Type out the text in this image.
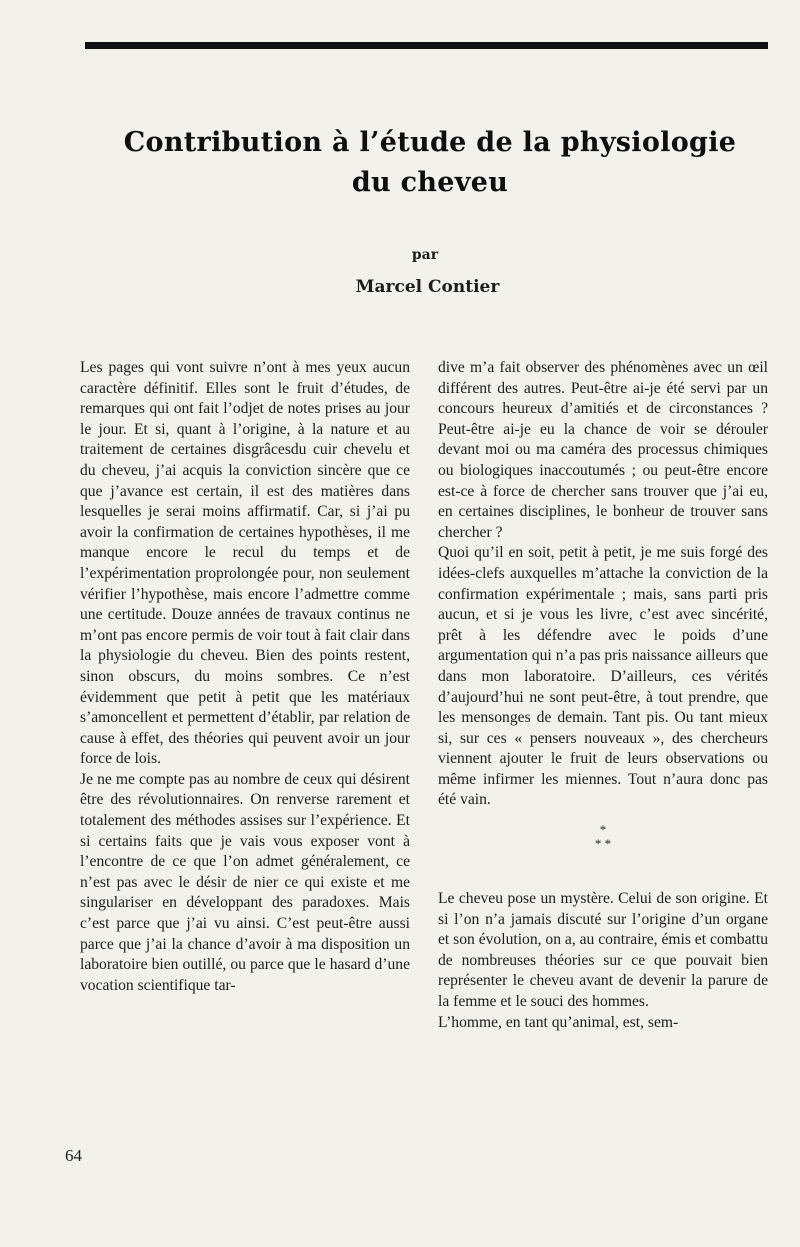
Contribution à l’étude de la physiologie
du cheveu
par
Marcel Contier

Les pages qui vont suivre n’ont à mes yeux aucun caractère définitif. Elles sont le fruit d’études, de remarques qui ont fait l’odjet de notes prises au jour le jour. Et si, quant à l’origine, à la nature et au traitement de certaines disgrâcesdu cuir chevelu et du cheveu, j’ai acquis la conviction sincère que ce que j’avance est certain, il est des matières dans lesquelles je serai moins affirmatif. Car, si j’ai pu avoir la confirmation de certaines hypothèses, il me manque encore le recul du temps et de l’expérimentation proprolongée pour, non seulement vérifier l’hypothèse, mais encore l’admettre comme une certitude. Douze années de travaux continus ne m’ont pas encore permis de voir tout à fait clair dans la physiologie du cheveu. Bien des points restent, sinon obscurs, du moins sombres. Ce n’est évidemment que petit à petit que les matériaux s’amoncellent et permettent d’établir, par relation de cause à effet, des théories qui peuvent avoir un jour force de lois.

Je ne me compte pas au nombre de ceux qui désirent être des révolutionnaires. On renverse rarement et totalement des méthodes assises sur l’expérience. Et si certains faits que je vais vous exposer vont à l’encontre de ce que l’on admet généralement, ce n’est pas avec le désir de nier ce qui existe et me singulariser en développant des paradoxes. Mais c’est parce que j’ai vu ainsi. C’est peut-être aussi parce que j’ai la chance d’avoir à ma disposition un laboratoire bien outillé, ou parce que le hasard d’une vocation scientifique tar-

dive m’a fait observer des phénomènes avec un œil différent des autres. Peut-être ai-je été servi par un concours heureux d’amitiés et de circonstances ? Peut-être ai-je eu la chance de voir se dérouler devant moi ou ma caméra des processus chimiques ou biologiques inaccoutumés ; ou peut-être encore est-ce à force de chercher sans trouver que j’ai eu, en certaines disciplines, le bonheur de trouver sans chercher ?

Quoi qu’il en soit, petit à petit, je me suis forgé des idées-clefs auxquelles m’attache la conviction de la confirmation expérimentale ; mais, sans parti pris aucun, et si je vous les livre, c’est avec sincérité, prêt à les défendre avec le poids d’une argumentation qui n’a pas pris naissance ailleurs que dans mon laboratoire. D’ailleurs, ces vérités d’aujourd’hui ne sont peut-être, à tout prendre, que les mensonges de demain. Tant pis. Ou tant mieux si, sur ces « pensers nouveaux », des chercheurs viennent ajouter le fruit de leurs observations ou même infirmer les miennes. Tout n’aura donc pas été vain.

*
* *

Le cheveu pose un mystère. Celui de son origine. Et si l’on n’a jamais discuté sur l’origine d’un organe et son évolution, on a, au contraire, émis et combattu de nombreuses théories sur ce que pouvait bien représenter le cheveu avant de devenir la parure de la femme et le souci des hommes.

L’homme, en tant qu’animal, est, sem-

64
